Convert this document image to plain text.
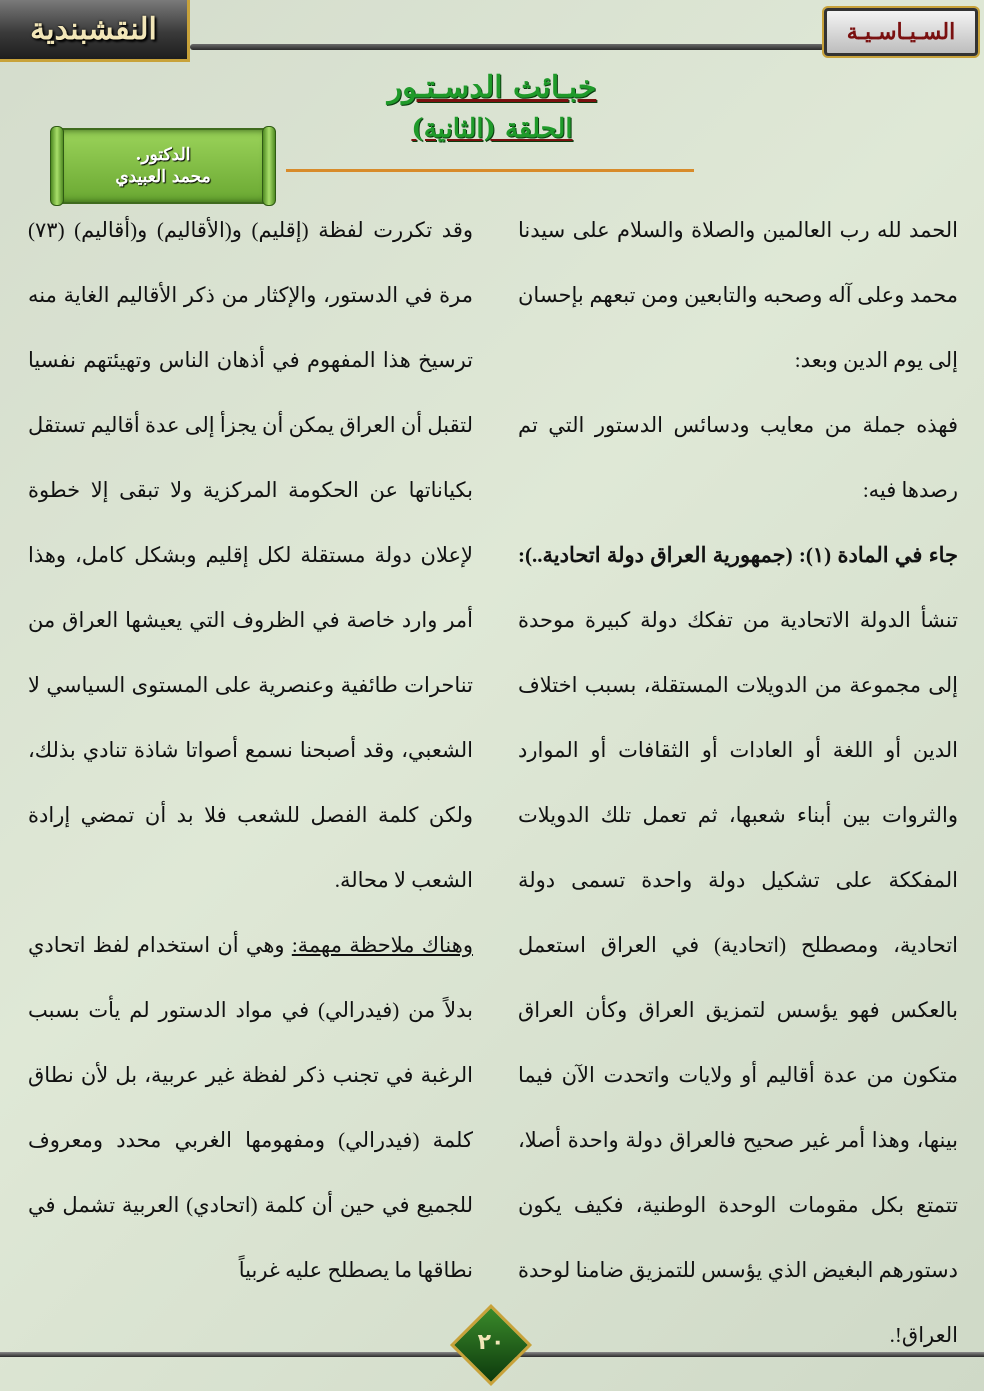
النقشبندية	السـيـاسـيـة
خبـائث الدسـتـور
الحلقة (الثانية)
الدكتور.
محمد العبيدي

الحمد لله رب العالمين والصلاة والسلام على سيدنا محمد وعلى آله وصحبه والتابعين ومن تبعهم بإحسان إلى يوم الدين وبعد:

فهذه جملة من معايب ودسائس الدستور التي تم رصدها فيه:

جاء في المادة (١): (جمهورية العراق دولة اتحادية..): تنشأ الدولة الاتحادية من تفكك دولة كبيرة موحدة إلى مجموعة من الدويلات المستقلة، بسبب اختلاف الدين أو اللغة أو العادات أو الثقافات أو الموارد والثروات بين أبناء شعبها، ثم تعمل تلك الدويلات المفككة على تشكيل دولة واحدة تسمى دولة اتحادية، ومصطلح (اتحادية) في العراق استعمل بالعكس فهو يؤسس لتمزيق العراق وكأن العراق متكون من عدة أقاليم أو ولايات واتحدت الآن فيما بينها، وهذا أمر غير صحيح فالعراق دولة واحدة أصلا، تتمتع بكل مقومات الوحدة الوطنية، فكيف يكون دستورهم البغيض الذي يؤسس للتمزيق ضامنا لوحدة العراق!.

وقد تكررت لفظة (إقليم) و(الأقاليم) و(أقاليم) (٧٣) مرة في الدستور، والإكثار من ذكر الأقاليم الغاية منه ترسيخ هذا المفهوم في أذهان الناس وتهيئتهم نفسيا لتقبل أن العراق يمكن أن يجزأ إلى عدة أقاليم تستقل بكياناتها عن الحكومة المركزية ولا تبقى إلا خطوة لإعلان دولة مستقلة لكل إقليم وبشكل كامل، وهذا أمر وارد خاصة في الظروف التي يعيشها العراق من تناحرات طائفية وعنصرية على المستوى السياسي لا الشعبي، وقد أصبحنا نسمع أصواتا شاذة تنادي بذلك، ولكن كلمة الفصل للشعب فلا بد أن تمضي إرادة الشعب لا محالة.

وهناك ملاحظة مهمة: وهي أن استخدام لفظ اتحادي بدلاً من (فيدرالي) في مواد الدستور لم يأت بسبب الرغبة في تجنب ذكر لفظة غير عربية، بل لأن نطاق كلمة (فيدرالي) ومفهومها الغربي محدد ومعروف للجميع في حين أن كلمة (اتحادي) العربية تشمل في نطاقها ما يصطلح عليه غربياً

٢٠
